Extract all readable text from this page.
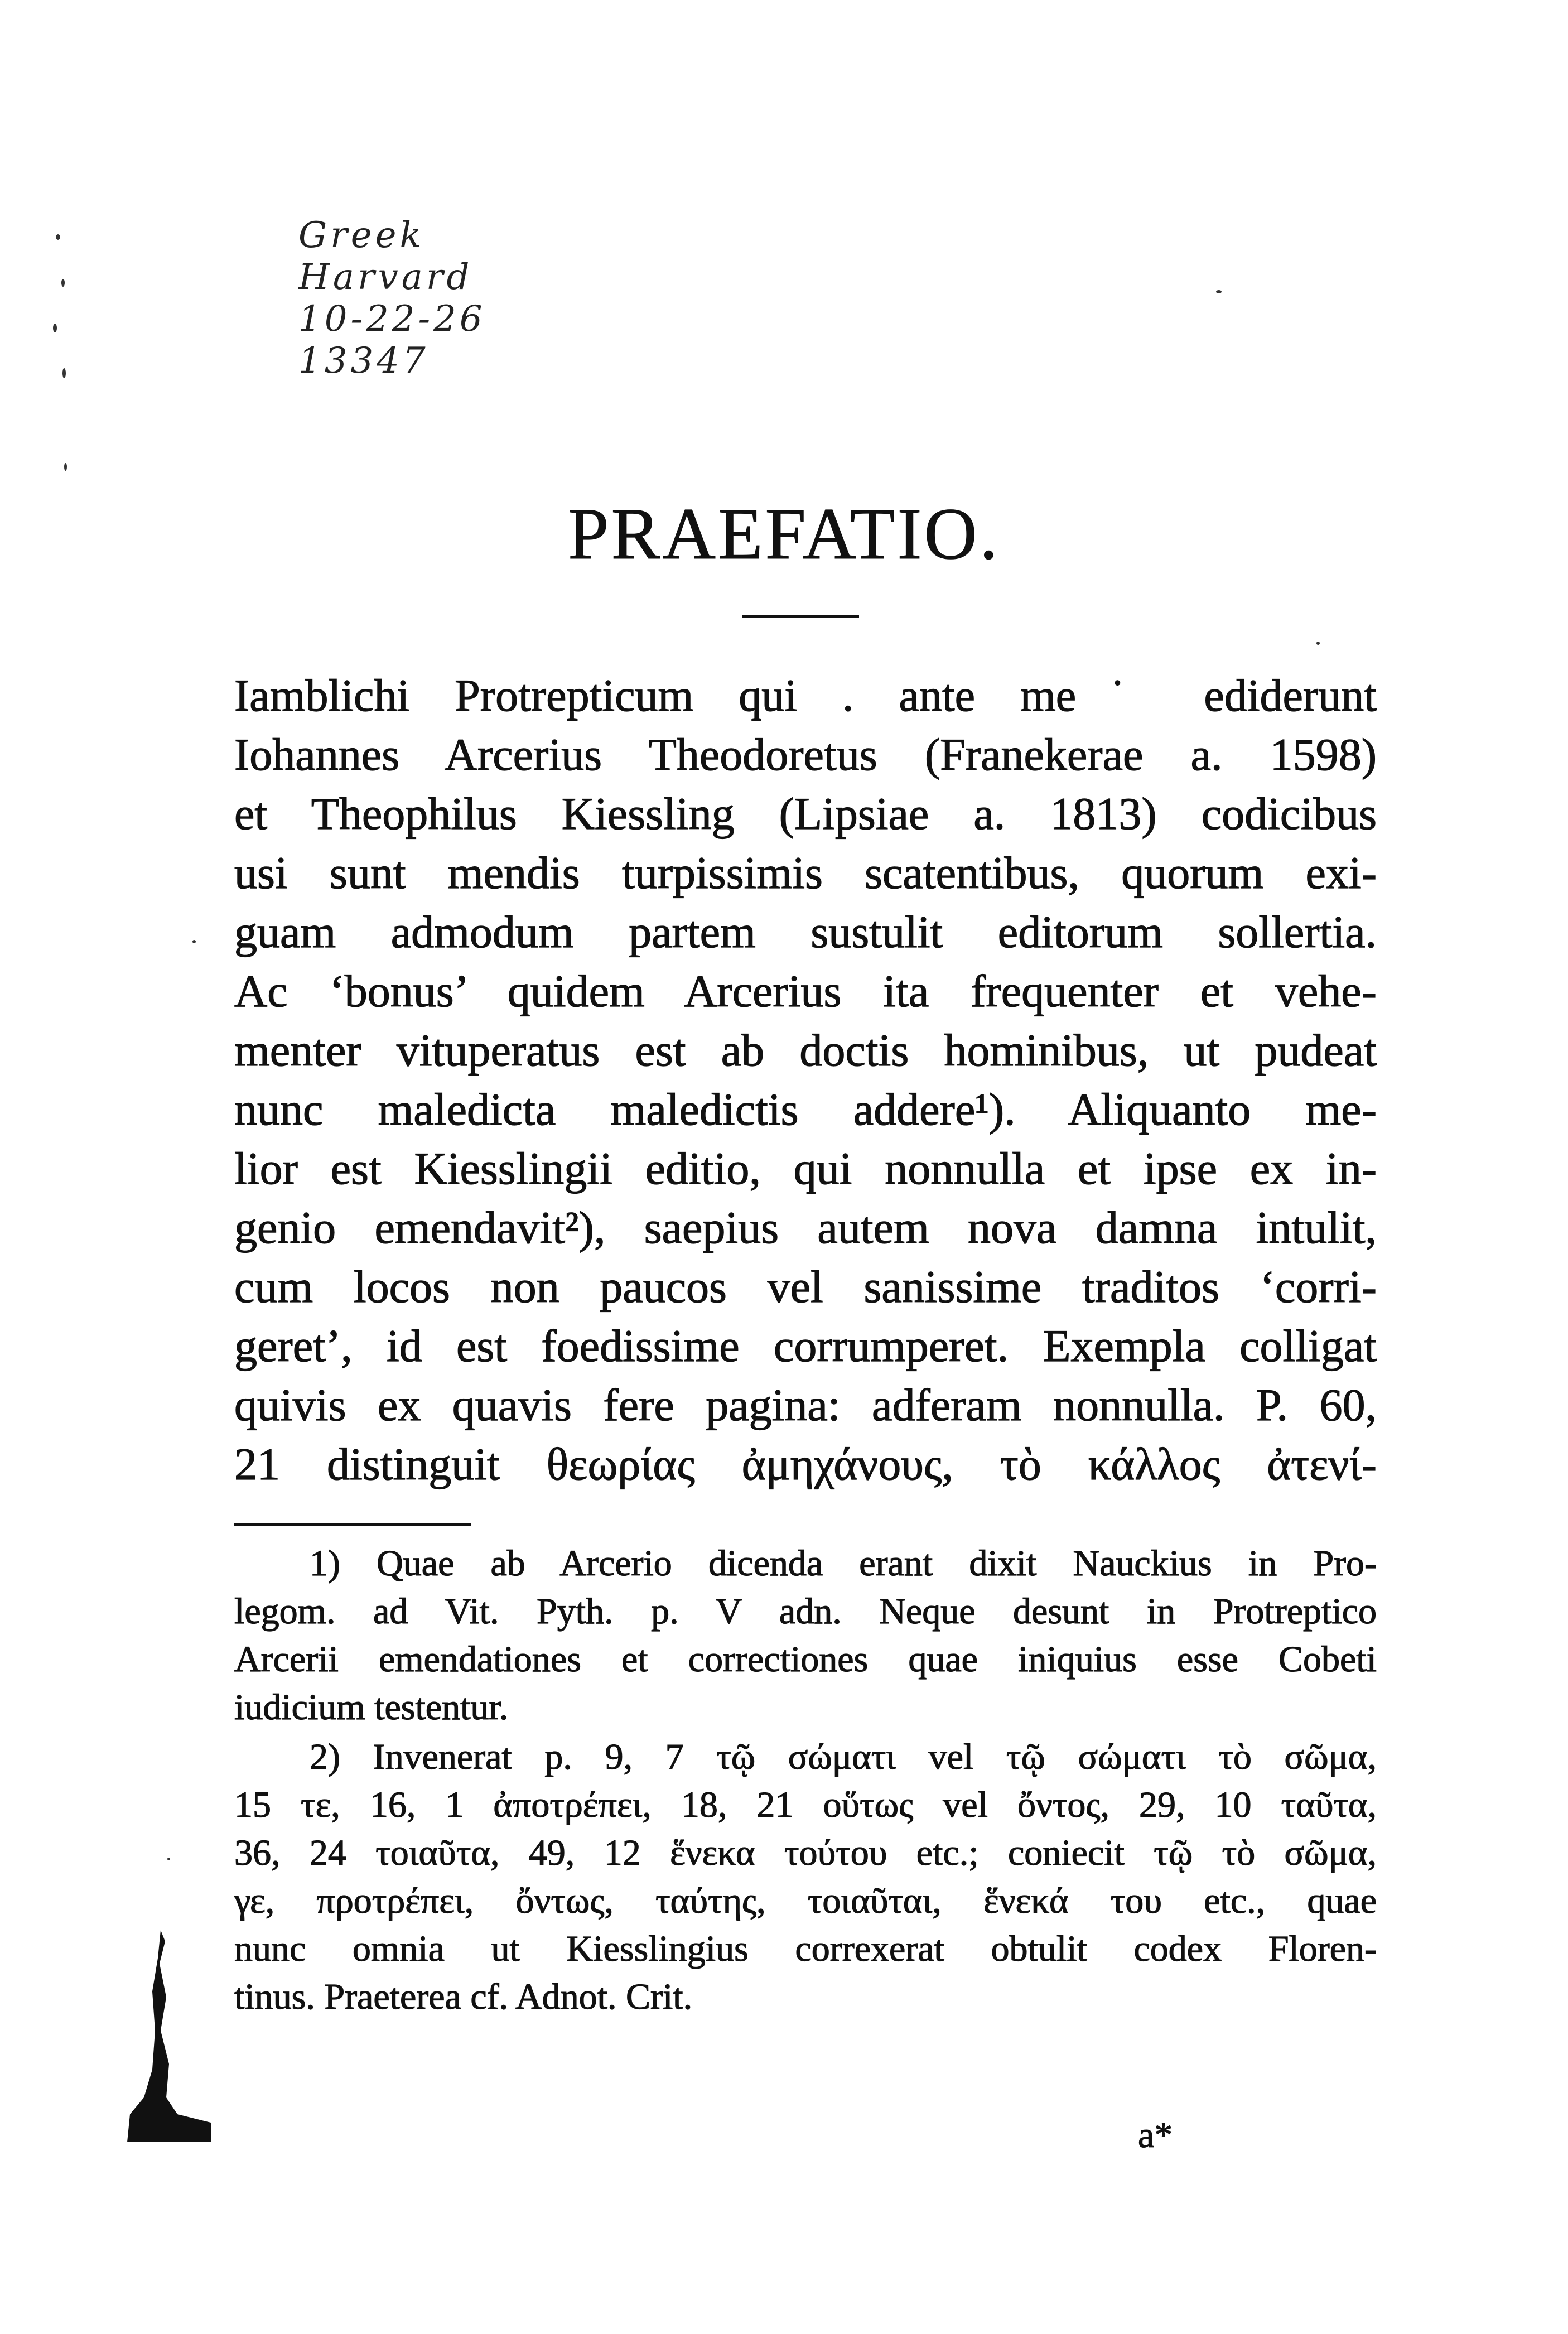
Greek
Harvard
10-22-26
13347
PRAEFATIO.
Iamblichi Protrepticum qui . ante me˙ ediderunt
Iohannes Arcerius Theodoretus (Franekerae a. 1598)
et Theophilus Kiessling (Lipsiae a. 1813) codicibus
usi sunt mendis turpissimis scatentibus, quorum exi-
guam admodum partem sustulit editorum sollertia.
Ac ‘bonus’ quidem Arcerius ita frequenter et vehe-
menter vituperatus est ab doctis hominibus, ut pudeat
nunc maledicta maledictis addere¹). Aliquanto me-
lior est Kiesslingii editio, qui nonnulla et ipse ex in-
genio emendavit²), saepius autem nova damna intulit,
cum locos non paucos vel sanissime traditos ‘corri-
geret’, id est foedissime corrumperet. Exempla colligat
quivis ex quavis fere pagina: adferam nonnulla. P. 60,
21 distinguit θεωρίας ἀμηχάνους, τὸ κάλλος ἀτενί-
1) Quae ab Arcerio dicenda erant dixit Nauckius in Pro-
legom. ad Vit. Pyth. p. V adn. Neque desunt in Protreptico
Arcerii emendationes et correctiones quae iniquius esse Cobeti
iudicium testentur.
2) Invenerat p. 9, 7 τῷ σώματι vel τῷ σώματι τὸ σῶμα,
15 τε, 16, 1 ἀποτρέπει, 18, 21 οὕτως vel ὄντος, 29, 10 ταῦτα,
36, 24 τοιαῦτα, 49, 12 ἕνεκα τούτου etc.; coniecit τῷ τὸ σῶμα,
γε, προτρέπει, ὄντως, ταύτης, τοιαῦται, ἕνεκά του etc., quae
nunc omnia ut Kiesslingius correxerat obtulit codex Floren-
tinus. Praeterea cf. Adnot. Crit.
a*
